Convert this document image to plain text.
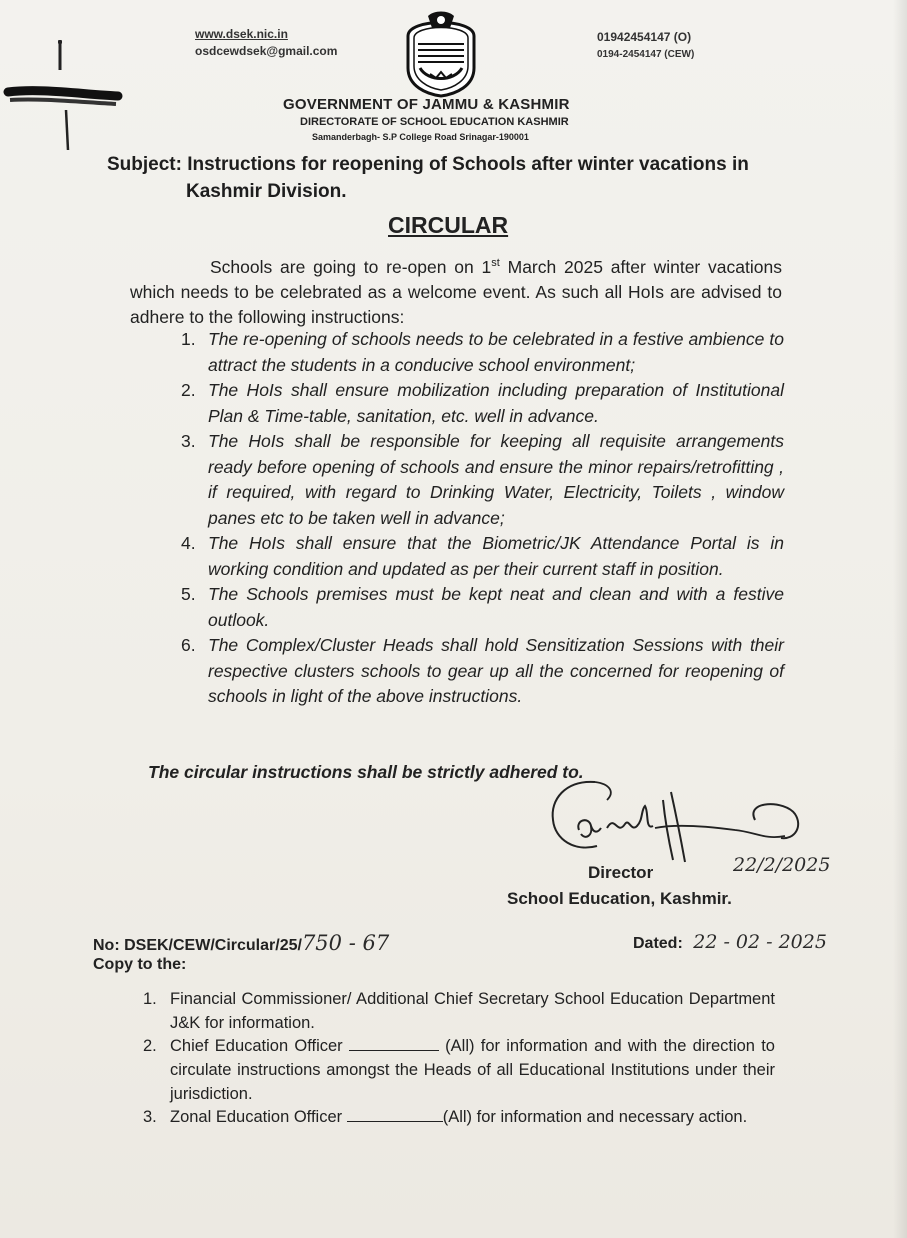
www.dsek.nic.in
osdcewdsek@gmail.com
01942454147 (O)
0194-2454147 (CEW)
GOVERNMENT OF JAMMU & KASHMIR
DIRECTORATE OF SCHOOL EDUCATION KASHMIR
Samanderbagh- S.P College Road Srinagar-190001
Subject: Instructions for reopening of Schools after winter vacations in
Kashmir Division.
CIRCULAR
Schools are going to re-open on 1st March 2025 after winter vacations which needs to be celebrated as a welcome event. As such all HoIs are advised to adhere to the following instructions:
1. The re-opening of schools needs to be celebrated in a festive ambience to attract the students in a conducive school environment;
2. The HoIs shall ensure mobilization including preparation of Institutional Plan & Time-table, sanitation, etc. well in advance.
3. The HoIs shall be responsible for keeping all requisite arrangements ready before opening of schools and ensure the minor repairs/retrofitting , if required, with regard to Drinking Water, Electricity, Toilets , window panes etc to be taken well in advance;
4. The HoIs shall ensure that the Biometric/JK Attendance Portal is in working condition and updated as per their current staff in position.
5. The Schools premises must be kept neat and clean and with a festive outlook.
6. The Complex/Cluster Heads shall hold Sensitization Sessions with their respective clusters schools to gear up all the concerned for reopening of schools in light of the above instructions.
The circular instructions shall be strictly adhered to.
22/2/2025
Director
School Education, Kashmir.
No: DSEK/CEW/Circular/25/750 - 67	Dated: 22 - 02 - 2025
Copy to the:
1. Financial Commissioner/ Additional Chief Secretary School Education Department J&K for information.
2. Chief Education Officer	(All) for information and with the direction to circulate instructions amongst the Heads of all Educational Institutions under their jurisdiction.
3. Zonal Education Officer	(All) for information and necessary action.
